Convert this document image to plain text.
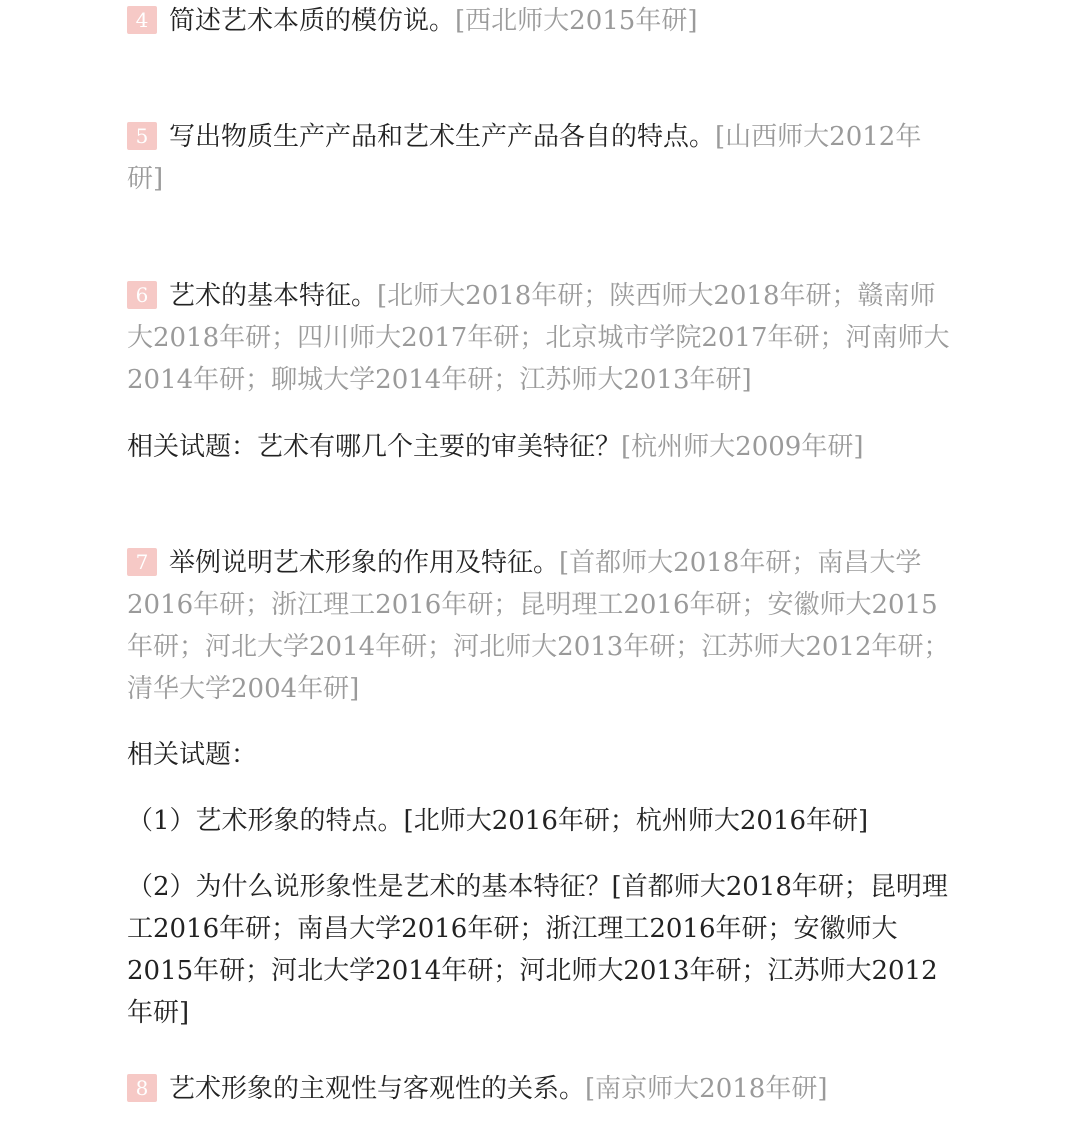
4 简述艺术本质的模仿说。[西北师大2015年研]
5 写出物质生产产品和艺术生产产品各自的特点。[山西师大2012年研]
6 艺术的基本特征。[北师大2018年研；陕西师大2018年研；赣南师大2018年研；四川师大2017年研；北京城市学院2017年研；河南师大2014年研；聊城大学2014年研；江苏师大2013年研]
相关试题：艺术有哪几个主要的审美特征？[杭州师大2009年研]
7 举例说明艺术形象的作用及特征。[首都师大2018年研；南昌大学2016年研；浙江理工2016年研；昆明理工2016年研；安徽师大2015年研；河北大学2014年研；河北师大2013年研；江苏师大2012年研；清华大学2004年研]
相关试题：
（1）艺术形象的特点。[北师大2016年研；杭州师大2016年研]
（2）为什么说形象性是艺术的基本特征？[首都师大2018年研；昆明理工2016年研；南昌大学2016年研；浙江理工2016年研；安徽师大2015年研；河北大学2014年研；河北师大2013年研；江苏师大2012年研]
8 艺术形象的主观性与客观性的关系。[南京师大2018年研]
